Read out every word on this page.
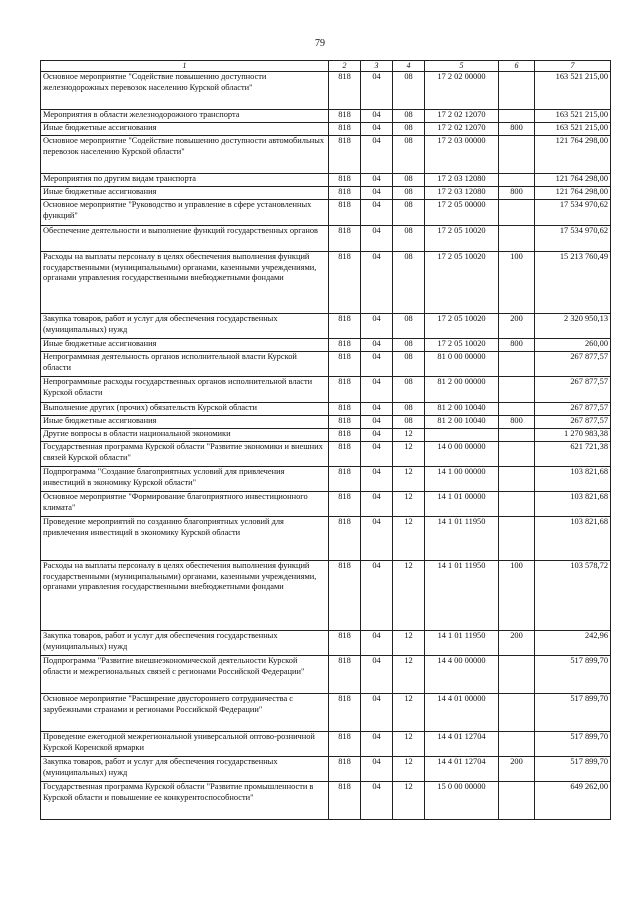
79
1	2	3	4	5	6	7
Основное мероприятие "Содействие повышению доступности железнодорожных перевозок населению Курской области"	818	04	08	17 2 02 00000		163 521 215,00
Мероприятия в области железнодорожного транспорта	818	04	08	17 2 02 12070		163 521 215,00
Иные бюджетные ассигнования	818	04	08	17 2 02 12070	800	163 521 215,00
Основное мероприятие "Содействие повышению доступности автомобильных перевозок населению Курской области"	818	04	08	17 2 03 00000		121 764 298,00
Мероприятия по другим видам транспорта	818	04	08	17 2 03 12080		121 764 298,00
Иные бюджетные ассигнования	818	04	08	17 2 03 12080	800	121 764 298,00
Основное мероприятие "Руководство и управление в сфере установленных функций"	818	04	08	17 2 05 00000		17 534 970,62
Обеспечение деятельности и выполнение функций государственных органов	818	04	08	17 2 05 10020		17 534 970,62
Расходы на выплаты персоналу в целях обеспечения выполнения функций государственными (муниципальными) органами, казенными учреждениями, органами управления государственными внебюджетными фондами	818	04	08	17 2 05 10020	100	15 213 760,49
Закупка товаров, работ и услуг для обеспечения государственных (муниципальных) нужд	818	04	08	17 2 05 10020	200	2 320 950,13
Иные бюджетные ассигнования	818	04	08	17 2 05 10020	800	260,00
Непрограммная деятельность органов исполнительной власти Курской области	818	04	08	81 0 00 00000		267 877,57
Непрограммные расходы государственных органов исполнительной власти Курской области	818	04	08	81 2 00 00000		267 877,57
Выполнение других (прочих) обязательств Курской области	818	04	08	81 2 00 10040		267 877,57
Иные бюджетные ассигнования	818	04	08	81 2 00 10040	800	267 877,57
Другие вопросы в области национальной экономики	818	04	12			1 270 983,38
Государственная программа Курской области "Развитие экономики и внешних связей Курской области"	818	04	12	14 0 00 00000		621 721,38
Подпрограмма "Создание благоприятных условий для привлечения инвестиций в экономику Курской области"	818	04	12	14 1 00 00000		103 821,68
Основное мероприятие "Формирование благоприятного инвестиционного климата"	818	04	12	14 1 01 00000		103 821,68
Проведение мероприятий по созданию благоприятных условий для привлечения инвестиций в экономику Курской области	818	04	12	14 1 01 11950		103 821,68
Расходы на выплаты персоналу в целях обеспечения выполнения функций государственными (муниципальными) органами, казенными учреждениями, органами управления государственными внебюджетными фондами	818	04	12	14 1 01 11950	100	103 578,72
Закупка товаров, работ и услуг для обеспечения государственных (муниципальных) нужд	818	04	12	14 1 01 11950	200	242,96
Подпрограмма "Развитие внешнеэкономической деятельности Курской области и межрегиональных связей с регионами Российской Федерации"	818	04	12	14 4 00 00000		517 899,70
Основное мероприятие "Расширение двустороннего сотрудничества с зарубежными странами и регионами Российской Федерации"	818	04	12	14 4 01 00000		517 899,70
Проведение ежегодной межрегиональной универсальной оптово-розничной Курской Коренской ярмарки	818	04	12	14 4 01 12704		517 899,70
Закупка товаров, работ и услуг для обеспечения государственных (муниципальных) нужд	818	04	12	14 4 01 12704	200	517 899,70
Государственная программа Курской области "Развитие промышленности в Курской области и повышение ее конкурентоспособности"	818	04	12	15 0 00 00000		649 262,00
